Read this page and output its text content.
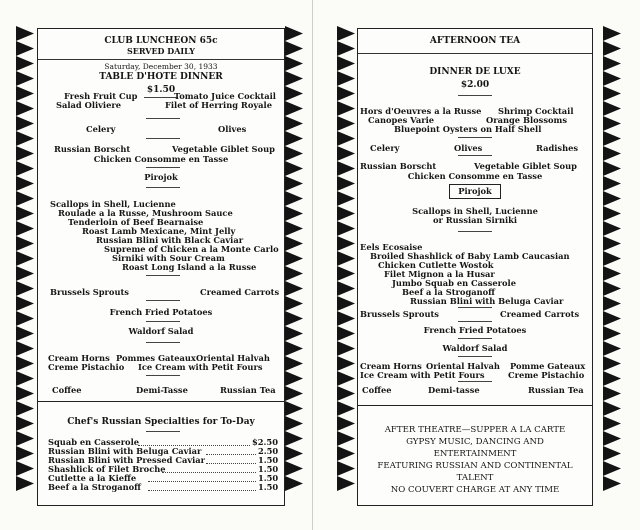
CLUB LUNCHEON 65c
SERVED DAILY
Saturday, December 30, 1933
TABLE D'HOTE DINNER
$1.50
Fresh Fruit Cup	Tomato Juice Cocktail
Salad Oliviere	Filet of Herring Royale
Celery	Olives
Russian Borscht	Vegetable Giblet Soup
Chicken Consomme en Tasse
Pirojok
Scallops in Shell, Lucienne
Roulade a la Russe, Mushroom Sauce
Tenderloin of Beef Bearnaise
Roast Lamb Mexicane, Mint Jelly
Russian Blini with Black Caviar
Supreme of Chicken a la Monte Carlo
Sirniki with Sour Cream
Roast Long Island a la Russe
Brussels Sprouts	Creamed Carrots
French Fried Potatoes
Waldorf Salad
Cream Horns Pommes Gateaux Oriental Halvah
Creme Pistachio Ice Cream with Petit Fours
Coffee	Demi-Tasse	Russian Tea
Chef's Russian Specialties for To-Day
Squab en Casserole	$2.50
Russian Blini with Beluga Caviar	2.50
Russian Blini with Pressed Caviar	1.50
Shashlick of Filet Broche	1.50
Cutlette a la Kieffe	1.50
Beef a la Stroganoff	1.50
AFTERNOON TEA
DINNER DE LUXE
$2.00
Hors d'Oeuvres a la Russe Shrimp Cocktail
Canopes Varie	Orange Blossoms
Bluepoint Oysters on Half Shell
Celery	Olives	Radishes
Russian Borscht	Vegetable Giblet Soup
Chicken Consomme en Tasse
Pirojok
Scallops in Shell, Lucienne
or Russian Sirniki
Eels Ecosaise
Broiled Shashlick of Baby Lamb Caucasian
Chicken Cutlette Wostok
Filet Mignon a la Husar
Jumbo Squab en Casserole
Beef a la Stroganoff
Russian Blini with Beluga Caviar
Brussels Sprouts	Creamed Carrots
French Fried Potatoes
Waldorf Salad
Cream Horns Oriental Halvah Pomme Gateaux
Ice Cream with Petit Fours	Creme Pistachio
Coffee	Demi-tasse	Russian Tea
AFTER THEATRE—SUPPER A LA CARTE
GYPSY MUSIC, DANCING AND
ENTERTAINMENT
FEATURING RUSSIAN AND CONTINENTAL
TALENT
NO COUVERT CHARGE AT ANY TIME
